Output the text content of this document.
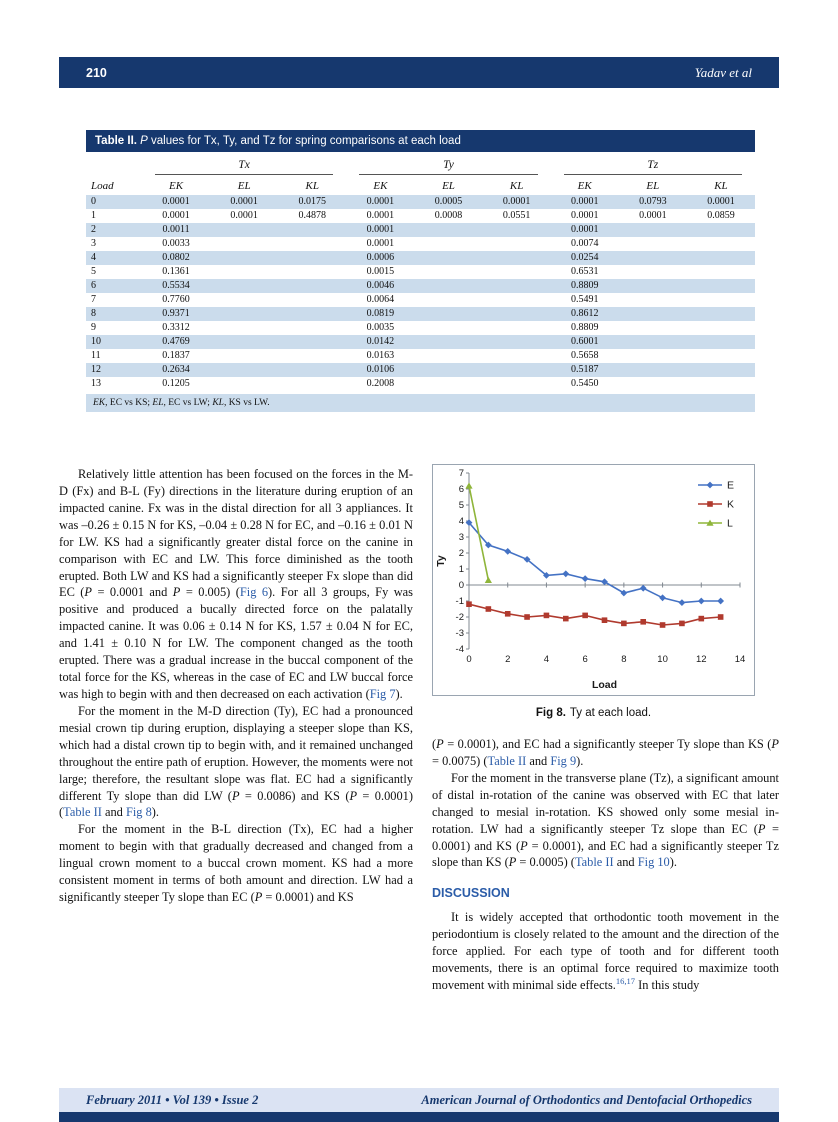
210	Yadav et al
Table II. P values for Tx, Ty, and Tz for spring comparisons at each load

	Tx			Ty			Tz		

Load	EK	EL	KL	EK	EL	KL	EK	EL	KL
0	0.0001	0.0001	0.0175	0.0001	0.0005	0.0001	0.0001	0.0793	0.0001
1	0.0001	0.0001	0.4878	0.0001	0.0008	0.0551	0.0001	0.0001	0.0859
2	0.0011			0.0001			0.0001		
3	0.0033			0.0001			0.0074		
4	0.0802			0.0006			0.0254		
5	0.1361			0.0015			0.6531		
6	0.5534			0.0046			0.8809		
7	0.7760			0.0064			0.5491		
8	0.9371			0.0819			0.8612		
9	0.3312			0.0035			0.8809		
10	0.4769			0.0142			0.6001		
11	0.1837			0.0163			0.5658		
12	0.2634			0.0106			0.5187		
13	0.1205			0.2008			0.5450		
EK, EC vs KS; EL, EC vs LW; KL, KS vs LW.

Relatively little attention has been focused on the forces in the M-D (Fx) and B-L (Fy) directions in the literature during eruption of an impacted canine. Fx was in the distal direction for all 3 appliances. It was –0.26 ± 0.15 N for KS, –0.04 ± 0.28 N for EC, and –0.16 ± 0.01 N for LW. KS had a significantly greater distal force on the canine in comparison with EC and LW. This force diminished as the tooth erupted. Both LW and KS had a significantly steeper Fx slope than did EC (P = 0.0001 and P = 0.005) (Fig 6). For all 3 groups, Fy was positive and produced a bucally directed force on the palatally impacted canine. It was 0.06 ± 0.14 N for KS, 1.57 ± 0.04 N for EC, and 1.41 ± 0.10 N for LW. The component changed as the tooth erupted. There was a gradual increase in the buccal component of the total force for the KS, whereas in the case of EC and LW buccal force was high to begin with and then decreased on each activation (Fig 7).

For the moment in the M-D direction (Ty), EC had a pronounced mesial crown tip during eruption, displaying a steeper slope than KS, which had a distal crown tip to begin with, and it remained unchanged throughout the entire path of eruption. However, the moments were not large; therefore, the resultant slope was flat. EC had a significantly different Ty slope than did LW (P = 0.0086) and KS (P = 0.0001) (Table II and Fig 8).

For the moment in the B-L direction (Tx), EC had a higher moment to begin with that gradually decreased and changed from a lingual crown moment to a buccal crown moment. KS had a more consistent moment in terms of both amount and direction. LW had a significantly steeper Ty slope than EC (P = 0.0001) and KS

-4
-3
-2
-1
0
1
2
3
4
5
6
7
0	2	4	6	8	10	12	14
E
K
L
Load
Ty
Fig 8. Ty at each load.

(P = 0.0001), and EC had a significantly steeper Ty slope than KS (P = 0.0075) (Table II and Fig 9).

For the moment in the transverse plane (Tz), a significant amount of distal in-rotation of the canine was observed with EC that later changed to mesial in-rotation. KS showed only some mesial in-rotation. LW had a significantly steeper Tz slope than EC (P = 0.0001) and KS (P = 0.0001), and EC had a significantly steeper Tz slope than KS (P = 0.0005) (Table II and Fig 10).

DISCUSSION

It is widely accepted that orthodontic tooth movement in the periodontium is closely related to the amount and the direction of the force applied. For each type of tooth and for different tooth movements, there is an optimal force required to maximize tooth movement with minimal side effects.$^{16,17}$ In this study

February 2011 • Vol 139 • Issue 2	American Journal of Orthodontics and Dentofacial Orthopedics
